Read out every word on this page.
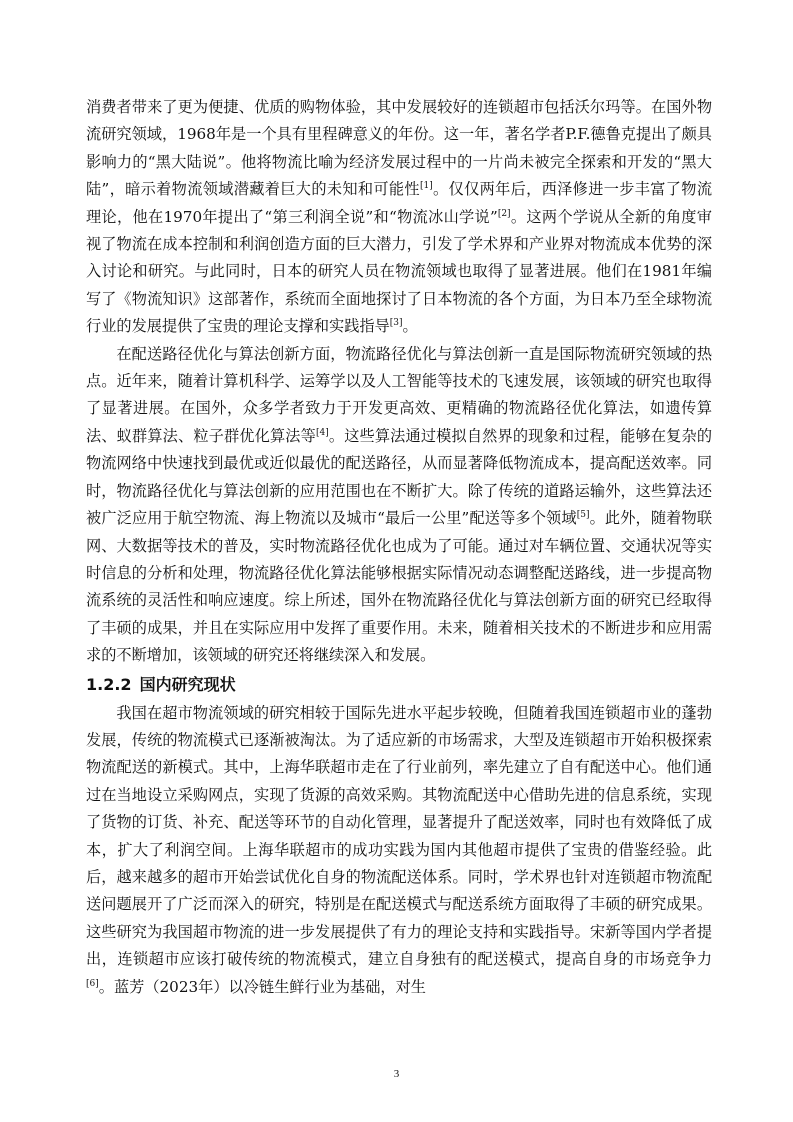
消费者带来了更为便捷、优质的购物体验，其中发展较好的连锁超市包括沃尔玛等。在国外物流研究领域，1968年是一个具有里程碑意义的年份。这一年，著名学者P.F.德鲁克提出了颇具影响力的“黑大陆说”。他将物流比喻为经济发展过程中的一片尚未被完全探索和开发的“黑大陆”，暗示着物流领域潜藏着巨大的未知和可能性[1]。仅仅两年后，西泽修进一步丰富了物流理论，他在1970年提出了“第三利润全说”和“物流冰山学说”[2]。这两个学说从全新的角度审视了物流在成本控制和利润创造方面的巨大潜力，引发了学术界和产业界对物流成本优势的深入讨论和研究。与此同时，日本的研究人员在物流领域也取得了显著进展。他们在1981年编写了《物流知识》这部著作，系统而全面地探讨了日本物流的各个方面，为日本乃至全球物流行业的发展提供了宝贵的理论支撑和实践指导[3]。

在配送路径优化与算法创新方面，物流路径优化与算法创新一直是国际物流研究领域的热点。近年来，随着计算机科学、运筹学以及人工智能等技术的飞速发展，该领域的研究也取得了显著进展。在国外，众多学者致力于开发更高效、更精确的物流路径优化算法，如遗传算法、蚁群算法、粒子群优化算法等[4]。这些算法通过模拟自然界的现象和过程，能够在复杂的物流网络中快速找到最优或近似最优的配送路径，从而显著降低物流成本，提高配送效率。同时，物流路径优化与算法创新的应用范围也在不断扩大。除了传统的道路运输外，这些算法还被广泛应用于航空物流、海上物流以及城市“最后一公里”配送等多个领域[5]。此外，随着物联网、大数据等技术的普及，实时物流路径优化也成为了可能。通过对车辆位置、交通状况等实时信息的分析和处理，物流路径优化算法能够根据实际情况动态调整配送路线，进一步提高物流系统的灵活性和响应速度。综上所述，国外在物流路径优化与算法创新方面的研究已经取得了丰硕的成果，并且在实际应用中发挥了重要作用。未来，随着相关技术的不断进步和应用需求的不断增加，该领域的研究还将继续深入和发展。

1.2.2 国内研究现状

我国在超市物流领域的研究相较于国际先进水平起步较晚，但随着我国连锁超市业的蓬勃发展，传统的物流模式已逐渐被淘汰。为了适应新的市场需求，大型及连锁超市开始积极探索物流配送的新模式。其中，上海华联超市走在了行业前列，率先建立了自有配送中心。他们通过在当地设立采购网点，实现了货源的高效采购。其物流配送中心借助先进的信息系统，实现了货物的订货、补充、配送等环节的自动化管理，显著提升了配送效率，同时也有效降低了成本，扩大了利润空间。上海华联超市的成功实践为国内其他超市提供了宝贵的借鉴经验。此后，越来越多的超市开始尝试优化自身的物流配送体系。同时，学术界也针对连锁超市物流配送问题展开了广泛而深入的研究，特别是在配送模式与配送系统方面取得了丰硕的研究成果。这些研究为我国超市物流的进一步发展提供了有力的理论支持和实践指导。宋新等国内学者提出，连锁超市应该打破传统的物流模式，建立自身独有的配送模式，提高自身的市场竞争力[6]。蓝芳（2023年）以冷链生鲜行业为基础，对生

3
